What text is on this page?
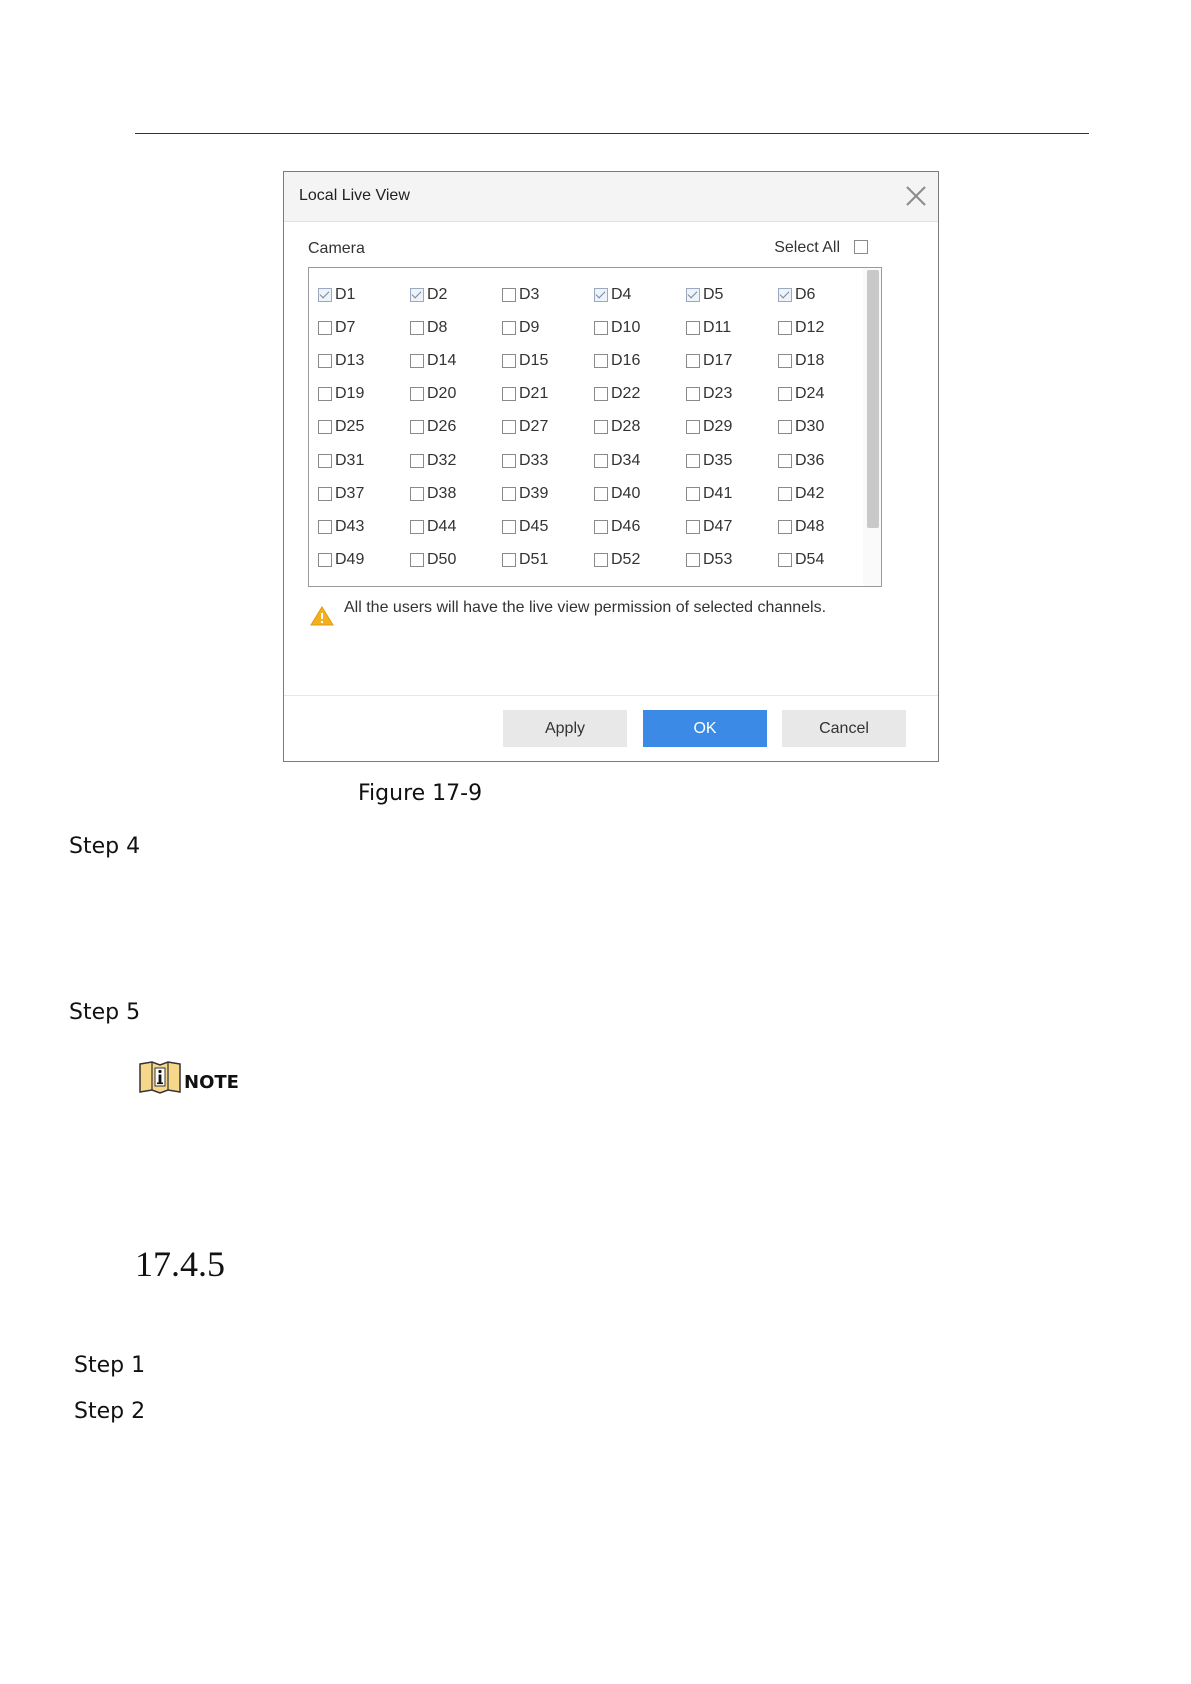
Local Live View
Camera	Select All
D1	D2	D3	D4	D5	D6
D7	D8	D9	D10	D11	D12
D13	D14	D15	D16	D17	D18
D19	D20	D21	D22	D23	D24
D25	D26	D27	D28	D29	D30
D31	D32	D33	D34	D35	D36
D37	D38	D39	D40	D41	D42
D43	D44	D45	D46	D47	D48
D49	D50	D51	D52	D53	D54
All the users will have the live view permission of selected channels.
Apply	OK	Cancel
Figure 17-9
Step 4
Step 5
NOTE
17.4.5
Step 1
Step 2
